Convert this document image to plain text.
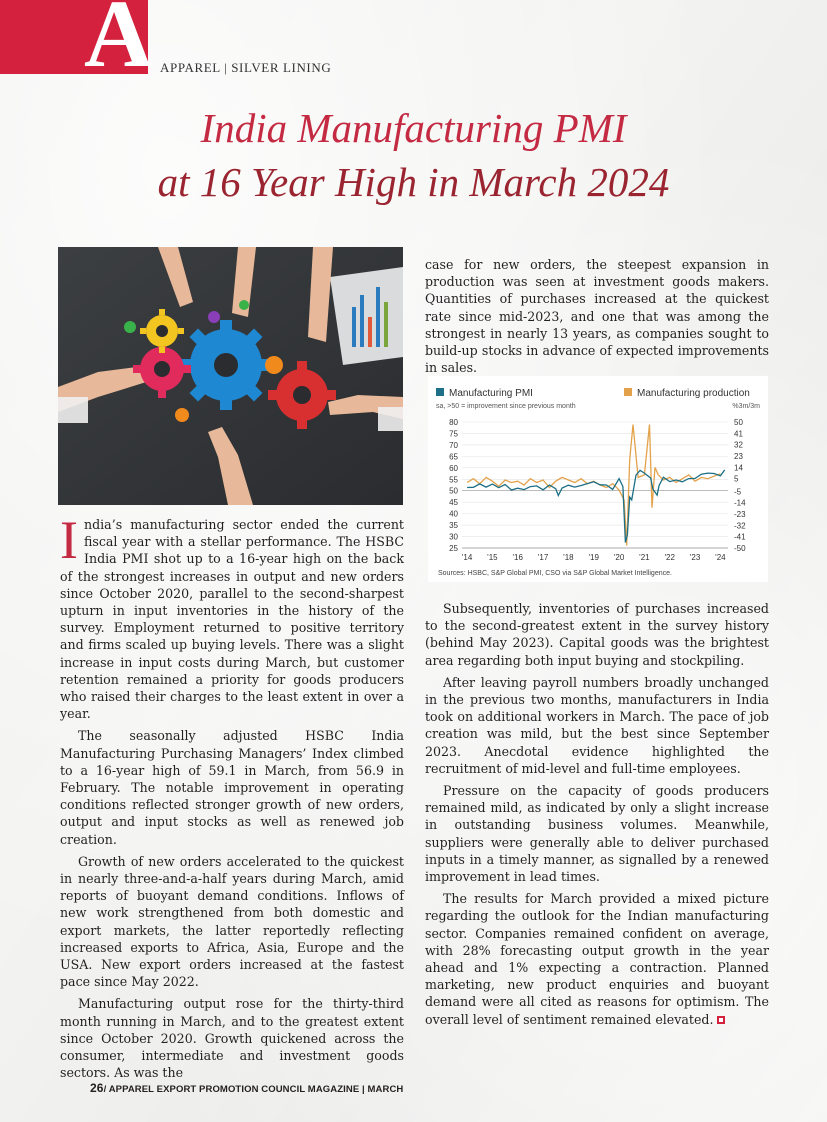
A APPAREL | SILVER LINING
India Manufacturing PMI
at 16 Year High in March 2024

India’s manufacturing sector ended the current fiscal year with a stellar performance. The HSBC India PMI shot up to a 16-year high on the back of the strongest increases in output and new orders since October 2020, parallel to the second-sharpest upturn in input inventories in the history of the survey. Employment returned to positive territory and firms scaled up buying levels. There was a slight increase in input costs during March, but customer retention remained a priority for goods producers who raised their charges to the least extent in over a year.

The seasonally adjusted HSBC India Manufacturing Purchasing Managers’ Index climbed to a 16-year high of 59.1 in March, from 56.9 in February. The notable improvement in operating conditions reflected stronger growth of new orders, output and input stocks as well as renewed job creation.

Growth of new orders accelerated to the quickest in nearly three-and-a-half years during March, amid reports of buoyant demand conditions. Inflows of new work strengthened from both domestic and export markets, the latter reportedly reflecting increased exports to Africa, Asia, Europe and the USA. New export orders increased at the fastest pace since May 2022.

Manufacturing output rose for the thirty-third month running in March, and to the greatest extent since October 2020. Growth quickened across the consumer, intermediate and investment goods sectors. As was the

case for new orders, the steepest expansion in production was seen at investment goods makers. Quantities of purchases increased at the quickest rate since mid-2023, and one that was among the strongest in nearly 13 years, as companies sought to build-up stocks in advance of expected improvements in sales.

Manufacturing PMI	Manufacturing production
sa, >50 = improvement since previous month	%3m/3m
80
75
70
65
60
55
50
45
40
35
30
25
50
41
32
23
14
5
-5
-14
-23
-32
-41
-50
'14 '15 '16 '17 '18 '19 '20 '21 '22 '23 '24
Sources: HSBC, S&P Global PMI, CSO via S&P Global Market Intelligence.

Subsequently, inventories of purchases increased to the second-greatest extent in the survey history (behind May 2023). Capital goods was the brightest area regarding both input buying and stockpiling.

After leaving payroll numbers broadly unchanged in the previous two months, manufacturers in India took on additional workers in March. The pace of job creation was mild, but the best since September 2023. Anecdotal evidence highlighted the recruitment of mid-level and full-time employees.

Pressure on the capacity of goods producers remained mild, as indicated by only a slight increase in outstanding business volumes. Meanwhile, suppliers were generally able to deliver purchased inputs in a timely manner, as signalled by a renewed improvement in lead times.

The results for March provided a mixed picture regarding the outlook for the Indian manufacturing sector. Companies remained confident on average, with 28% forecasting output growth in the year ahead and 1% expecting a contraction. Planned marketing, new product enquiries and buoyant demand were all cited as reasons for optimism. The overall level of sentiment remained elevated.

26/ APPAREL EXPORT PROMOTION COUNCIL MAGAZINE | MARCH
